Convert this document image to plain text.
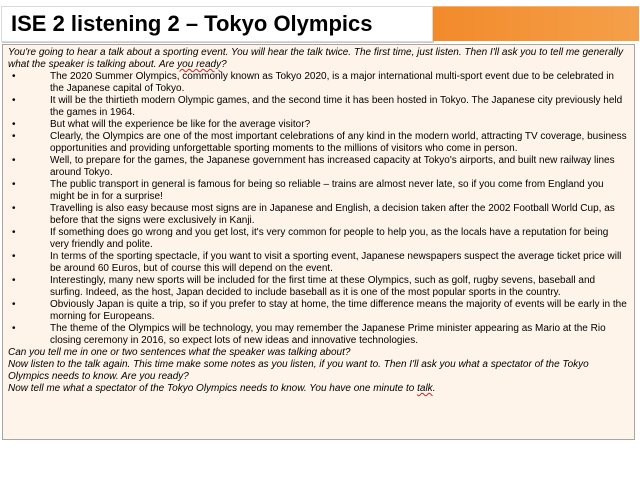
ISE 2 listening 2 – Tokyo Olympics

You're going to hear a talk about a sporting event. You will hear the talk twice. The first time, just listen. Then I'll ask you to tell me generally what the speaker is talking about. Are you ready?

•	The 2020 Summer Olympics, commonly known as Tokyo 2020, is a major international multi-sport event due to be celebrated in the Japanese capital of Tokyo.
•	It will be the thirtieth modern Olympic games, and the second time it has been hosted in Tokyo. The Japanese city previously held the games in 1964.
•	But what will the experience be like for the average visitor?
•	Clearly, the Olympics are one of the most important celebrations of any kind in the modern world, attracting TV coverage, business opportunities and providing unforgettable sporting moments to the millions of visitors who come in person.
•	Well, to prepare for the games, the Japanese government has increased capacity at Tokyo's airports, and built new railway lines around Tokyo.
•	The public transport in general is famous for being so reliable – trains are almost never late, so if you come from England you might be in for a surprise!
•	Travelling is also easy because most signs are in Japanese and English, a decision taken after the 2002 Football World Cup, as before that the signs were exclusively in Kanji.
•	If something does go wrong and you get lost, it's very common for people to help you, as the locals have a reputation for being very friendly and polite.
•	In terms of the sporting spectacle, if you want to visit a sporting event, Japanese newspapers suspect the average ticket price will be around 60 Euros, but of course this will depend on the event.
•	Interestingly, many new sports will be included for the first time at these Olympics, such as golf, rugby sevens, baseball and surfing. Indeed, as the host, Japan decided to include baseball as it is one of the most popular sports in the country.
•	Obviously Japan is quite a trip, so if you prefer to stay at home, the time difference means the majority of events will be early in the morning for Europeans.
•	The theme of the Olympics will be technology, you may remember the Japanese Prime minister appearing as Mario at the Rio closing ceremony in 2016, so expect lots of new ideas and innovative technologies.

Can you tell me in one or two sentences what the speaker was talking about?

Now listen to the talk again. This time make some notes as you listen, if you want to. Then I'll ask you what a spectator of the Tokyo Olympics needs to know. Are you ready?

Now tell me what a spectator of the Tokyo Olympics needs to know. You have one minute to talk.
